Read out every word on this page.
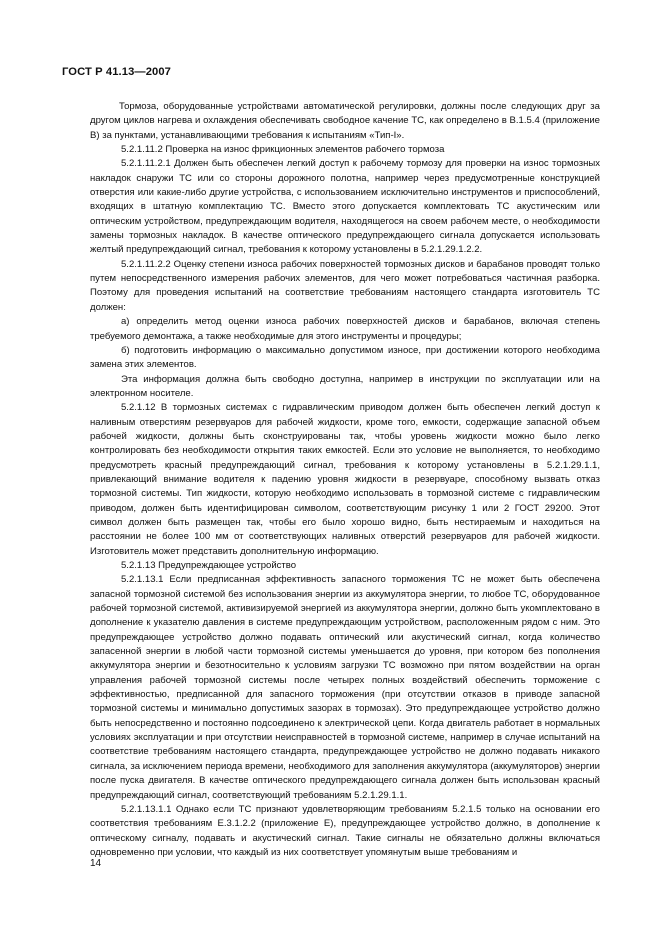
ГОСТ Р 41.13—2007

Тормоза, оборудованные устройствами автоматической регулировки, должны после следующих друг за другом циклов нагрева и охлаждения обеспечивать свободное качение ТС, как определено в В.1.5.4 (приложение В) за пунктами, устанавливающими требования к испытаниям «Тип-I».

5.2.1.11.2 Проверка на износ фрикционных элементов рабочего тормоза

5.2.1.11.2.1 Должен быть обеспечен легкий доступ к рабочему тормозу для проверки на износ тормозных накладок снаружи ТС или со стороны дорожного полотна, например через предусмотренные конструкцией отверстия или какие-либо другие устройства, с использованием исключительно инструментов и приспособлений, входящих в штатную комплектацию ТС. Вместо этого допускается комплектовать ТС акустическим или оптическим устройством, предупреждающим водителя, находящегося на своем рабочем месте, о необходимости замены тормозных накладок. В качестве оптического предупреждающего сигнала допускается использовать желтый предупреждающий сигнал, требования к которому установлены в 5.2.1.29.1.2.2.

5.2.1.11.2.2 Оценку степени износа рабочих поверхностей тормозных дисков и барабанов проводят только путем непосредственного измерения рабочих элементов, для чего может потребоваться частичная разборка. Поэтому для проведения испытаний на соответствие требованиям настоящего стандарта изготовитель ТС должен:

а) определить метод оценки износа рабочих поверхностей дисков и барабанов, включая степень требуемого демонтажа, а также необходимые для этого инструменты и процедуры;

б) подготовить информацию о максимально допустимом износе, при достижении которого необходима замена этих элементов.

Эта информация должна быть свободно доступна, например в инструкции по эксплуатации или на электронном носителе.

5.2.1.12 В тормозных системах с гидравлическим приводом должен быть обеспечен легкий доступ к наливным отверстиям резервуаров для рабочей жидкости, кроме того, емкости, содержащие запасной объем рабочей жидкости, должны быть сконструированы так, чтобы уровень жидкости можно было легко контролировать без необходимости открытия таких емкостей. Если это условие не выполняется, то необходимо предусмотреть красный предупреждающий сигнал, требования к которому установлены в 5.2.1.29.1.1, привлекающий внимание водителя к падению уровня жидкости в резервуаре, способному вызвать отказ тормозной системы. Тип жидкости, которую необходимо использовать в тормозной системе с гидравлическим приводом, должен быть идентифицирован символом, соответствующим рисунку 1 или 2 ГОСТ 29200. Этот символ должен быть размещен так, чтобы его было хорошо видно, быть нестираемым и находиться на расстоянии не более 100 мм от соответствующих наливных отверстий резервуаров для рабочей жидкости. Изготовитель может представить дополнительную информацию.

5.2.1.13 Предупреждающее устройство

5.2.1.13.1 Если предписанная эффективность запасного торможения ТС не может быть обеспечена запасной тормозной системой без использования энергии из аккумулятора энергии, то любое ТС, оборудованное рабочей тормозной системой, активизируемой энергией из аккумулятора энергии, должно быть укомплектовано в дополнение к указателю давления в системе предупреждающим устройством, расположенным рядом с ним. Это предупреждающее устройство должно подавать оптический или акустический сигнал, когда количество запасенной энергии в любой части тормозной системы уменьшается до уровня, при котором без пополнения аккумулятора энергии и безотносительно к условиям загрузки ТС возможно при пятом воздействии на орган управления рабочей тормозной системы после четырех полных воздействий обеспечить торможение с эффективностью, предписанной для запасного торможения (при отсутствии отказов в приводе запасной тормозной системы и минимально допустимых зазорах в тормозах). Это предупреждающее устройство должно быть непосредственно и постоянно подсоединено к электрической цепи. Когда двигатель работает в нормальных условиях эксплуатации и при отсутствии неисправностей в тормозной системе, например в случае испытаний на соответствие требованиям настоящего стандарта, предупреждающее устройство не должно подавать никакого сигнала, за исключением периода времени, необходимого для заполнения аккумулятора (аккумуляторов) энергии после пуска двигателя. В качестве оптического предупреждающего сигнала должен быть использован красный предупреждающий сигнал, соответствующий требованиям 5.2.1.29.1.1.

5.2.1.13.1.1 Однако если ТС признают удовлетворяющим требованиям 5.2.1.5 только на основании его соответствия требованиям Е.3.1.2.2 (приложение Е), предупреждающее устройство должно, в дополнение к оптическому сигналу, подавать и акустический сигнал. Такие сигналы не обязательно должны включаться одновременно при условии, что каждый из них соответствует упомянутым выше требованиям и

14
